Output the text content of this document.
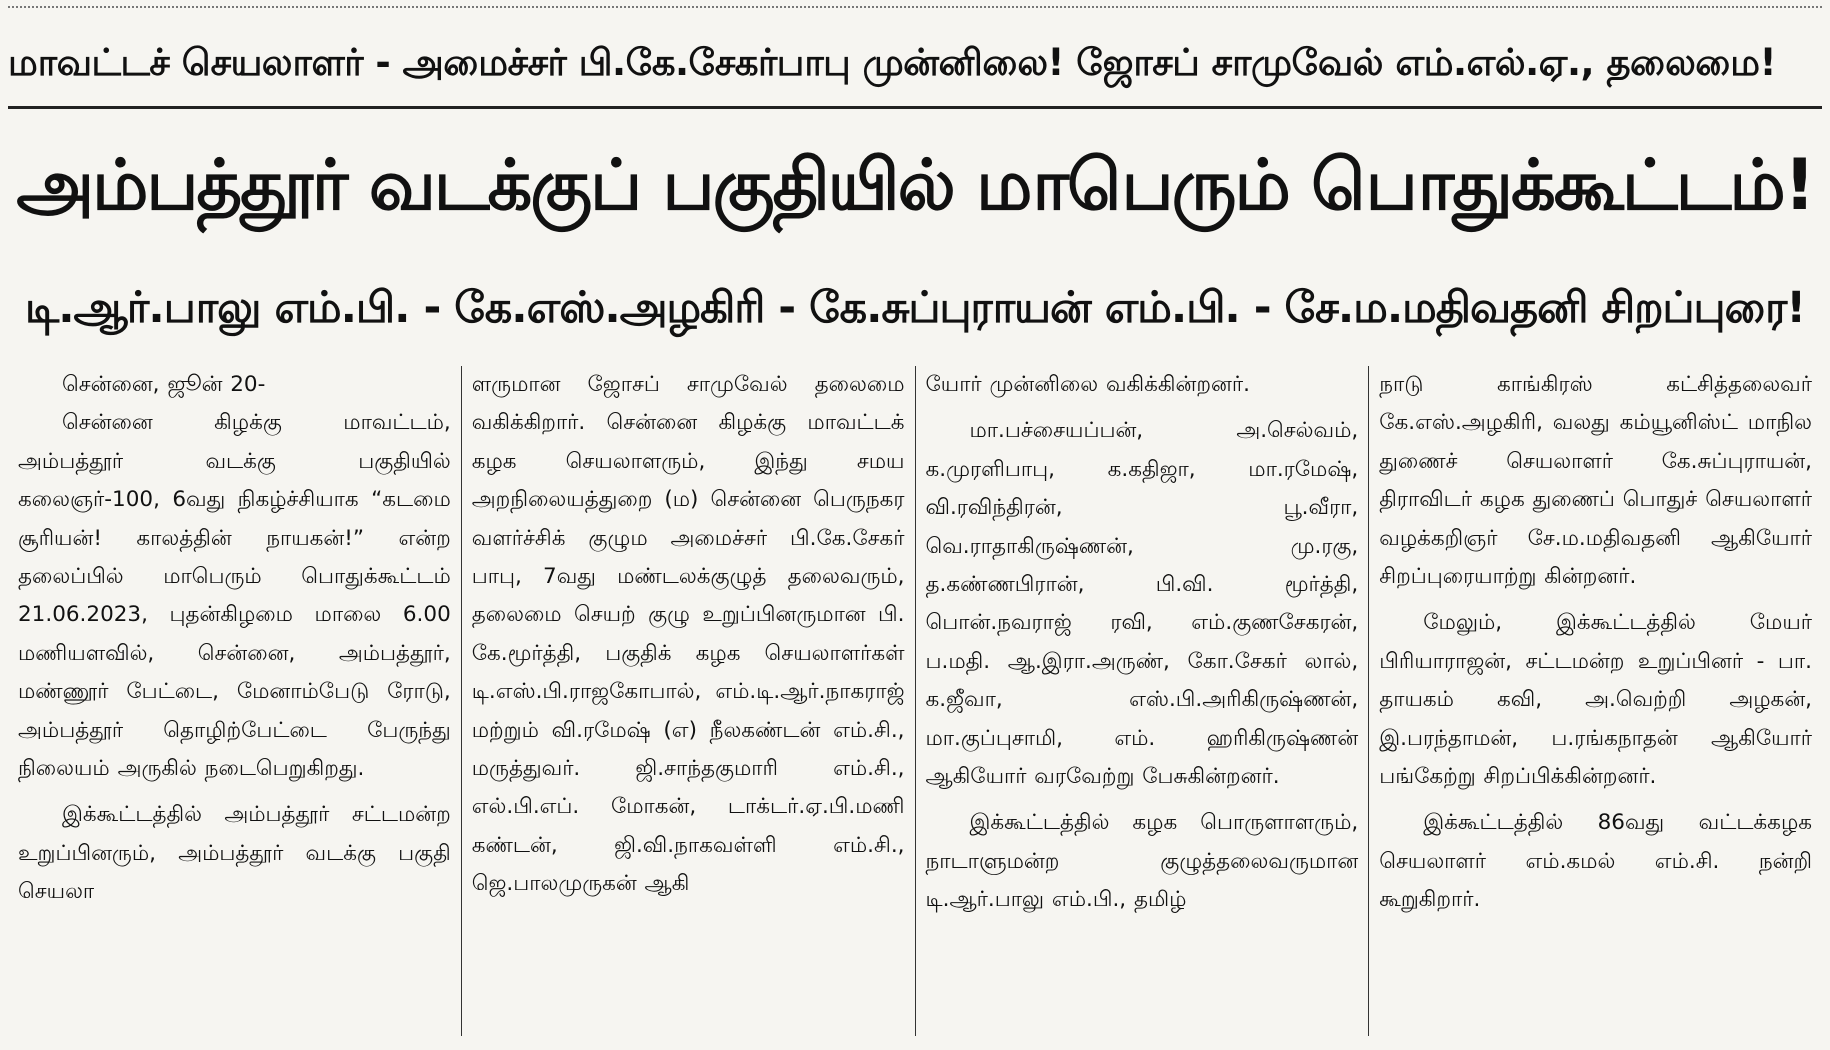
மாவட்டச் செயலாளர் - அமைச்சர் பி.கே.சேகர்பாபு முன்னிலை! ஜோசப் சாமுவேல் எம்.எல்.ஏ., தலைமை!
அம்பத்தூர் வடக்குப் பகுதியில் மாபெரும் பொதுக்கூட்டம்!
டி.ஆர்.பாலு எம்.பி. - கே.எஸ்.அழகிரி - கே.சுப்புராயன் எம்.பி. - சே.ம.மதிவதனி சிறப்புரை!

சென்னை, ஜூன் 20-

சென்னை கிழக்கு மாவட்டம், அம்பத்தூர் வடக்கு பகுதியில் கலைஞர்-100, 6வது நிகழ்ச்சியாக “கடமை சூரியன்! காலத்தின் நாயகன்!” என்ற தலைப்பில் மாபெரும் பொதுக்கூட்டம் 21.06.2023, புதன்கிழமை மாலை 6.00 மணியளவில், சென்னை, அம்பத்தூர், மண்ணூர் பேட்டை, மேனாம்பேடு ரோடு, அம்பத்தூர் தொழிற்பேட்டை பேருந்து நிலையம் அருகில் நடைபெறுகிறது.

இக்கூட்டத்தில் அம்பத்தூர் சட்டமன்ற உறுப்பினரும், அம்பத்தூர் வடக்கு பகுதி செயலா

ளருமான ஜோசப் சாமுவேல் தலைமை வகிக்கிறார். சென்னை கிழக்கு மாவட்டக் கழக செயலாளரும், இந்து சமய அறநிலையத்துறை (ம) சென்னை பெருநகர வளர்ச்சிக் குழும அமைச்சர் பி.கே.சேகர் பாபு, 7வது மண்டலக்குழுத் தலைவரும், தலைமை செயற் குழு உறுப்பினருமான பி. கே.மூர்த்தி, பகுதிக் கழக செயலாளர்கள் டி.எஸ்.பி.ராஜகோபால், எம்.டி.ஆர்.நாகராஜ் மற்றும் வி.ரமேஷ் (எ) நீலகண்டன் எம்.சி., மருத்துவர். ஜி.சாந்தகுமாரி எம்.சி., எல்.பி.எப். மோகன், டாக்டர்.ஏ.பி.மணி கண்டன், ஜி.வி.நாகவள்ளி எம்.சி., ஜெ.பாலமுருகன் ஆகி

யோர் முன்னிலை வகிக்கின்றனர்.

மா.பச்சையப்பன், அ.செல்வம், க.முரளிபாபு, க.கதிஜா, மா.ரமேஷ், வி.ரவிந்திரன், பூ.வீரா, வெ.ராதாகிருஷ்ணன், மு.ரகு, த.கண்ணபிரான், பி.வி. மூர்த்தி, பொன்.நவராஜ் ரவி, எம்.குணசேகரன், ப.மதி. ஆ.இரா.அருண், கோ.சேகர் லால், க.ஜீவா, எஸ்.பி.அரிகிருஷ்ணன், மா.குப்புசாமி, எம். ஹரிகிருஷ்ணன் ஆகியோர் வரவேற்று பேசுகின்றனர்.

இக்கூட்டத்தில் கழக பொருளாளரும், நாடாளுமன்ற குழுத்தலைவருமான டி.ஆர்.பாலு எம்.பி., தமிழ்

நாடு காங்கிரஸ் கட்சித்தலைவர் கே.எஸ்.அழகிரி, வலது கம்யூனிஸ்ட் மாநில துணைச் செயலாளர் கே.சுப்புராயன், திராவிடர் கழக துணைப் பொதுச் செயலாளர் வழக்கறிஞர் சே.ம.மதிவதனி ஆகியோர் சிறப்புரையாற்று கின்றனர்.

மேலும், இக்கூட்டத்தில் மேயர் பிரியாராஜன், சட்டமன்ற உறுப்பினர் - பா. தாயகம் கவி, அ.வெற்றி அழகன், இ.பரந்தாமன், ப.ரங்கநாதன் ஆகியோர் பங்கேற்று சிறப்பிக்கின்றனர்.

இக்கூட்டத்தில் 86வது வட்டக்கழக செயலாளர் எம்.கமல் எம்.சி. நன்றி கூறுகிறார்.
